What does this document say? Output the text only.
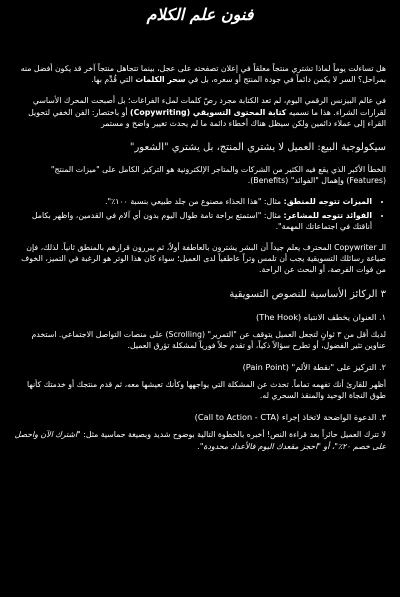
فنون علم الكلام

هل تساءلت يوماً لماذا تشتري منتجاً معلقاً في إعلان تصفحته على عجل، بينما تتجاهل منتجاً آخر قد يكون أفضل منه بمراحل؟ السر لا يكمن دائماً في جودة المنتج أو سعره، بل في سحر الكلمات التي قُدِّم بها.

في عالم البيزنس الرقمي اليوم، لم تعد الكتابة مجرد رصّ كلمات لملء الفراغات؛ بل أصبحت المحرك الأساسي لقرارات الشراء. هذا ما نسميه كتابة المحتوى التسويقي (Copywriting) أو باختصار: الفن الخفي لتحويل القراء إلى عملاء دائمين ولكن سيظل هناك أخطاء دائمة ما لم يحدث تغيير واضح و مستمر

سيكولوجية البيع: العميل لا يشتري المنتج، بل يشتري "الشعور"

الخطأ الأكبر الذي يقع فيه الكثير من الشركات والمتاجر الإلكترونية هو التركيز الكامل على "ميزات المنتج" (Features) وإهمال "الفوائد" (Benefits).

• الميزات تتوجه للمنطق: مثال: "هذا الحذاء مصنوع من جلد طبيعي بنسبة ١٠٠٪".
• الفوائد تتوجه للمشاعر: مثال: "استمتع براحة تامة طوال اليوم بدون أي آلام في القدمين، واظهر بكامل أناقتك في اجتماعاتك المهمة".

الـ Copywriter المحترف يعلم جيداً أن البشر يشترون بالعاطفة أولاً، ثم يبررون قرارهم بالمنطق ثانياً. لذلك، فإن صياغة رسائلك التسويقية يجب أن تلمس وتراً عاطفياً لدى العميل؛ سواء كان هذا الوتر هو الرغبة في التميز، الخوف من فوات الفرصة، أو البحث عن الراحة.

٣ الركائز الأساسية للنصوص التسويقية
١. العنوان يخطف الانتباه (The Hook)

لديك أقل من ٣ ثوانٍ لتجعل العميل يتوقف عن "التمرير" (Scrolling) على منصات التواصل الاجتماعي. استخدم عناوين تثير الفضول، أو تطرح سؤالاً ذكياً، أو تقدم حلاً فورياً لمشكلة تؤرق العميل.

٢. التركيز على "نقطة الألم" (Pain Point)

أظهر للقارئ أنك تفهمه تماماً. تحدث عن المشكلة التي يواجهها وكأنك تعيشها معه، ثم قدم منتجك أو خدمتك كأنها طوق النجاة الوحيد والمنقذ السحري له.

٣. الدعوة الواضحة لاتخاذ إجراء (Call to Action - CTA)

لا تترك العميل حائراً بعد قراءة النص! أخبره بالخطوة التالية بوضوح شديد وبصيغة حماسية مثل: "اشترك الآن واحصل على خصم ٢٠٪"، أو "احجز مقعدك اليوم فالأعداد محدودة".
